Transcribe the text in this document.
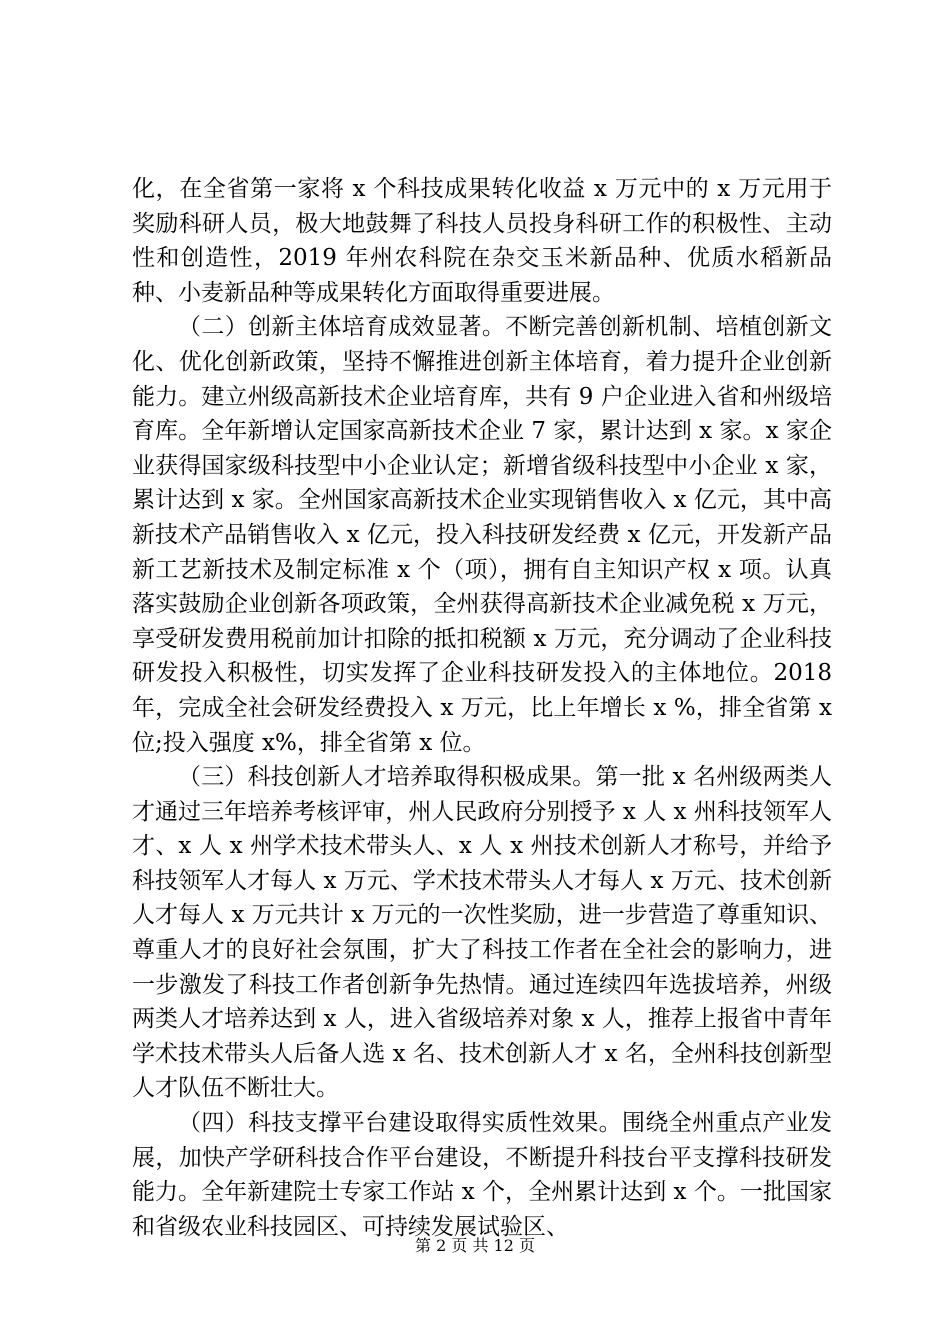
化，在全省第一家将 x 个科技成果转化收益 x 万元中的 x 万元用于奖励科研人员，极大地鼓舞了科技人员投身科研工作的积极性、主动性和创造性，2019 年州农科院在杂交玉米新品种、优质水稻新品种、小麦新品种等成果转化方面取得重要进展。

（二）创新主体培育成效显著。不断完善创新机制、培植创新文化、优化创新政策，坚持不懈推进创新主体培育，着力提升企业创新能力。建立州级高新技术企业培育库，共有 9 户企业进入省和州级培育库。全年新增认定国家高新技术企业 7 家，累计达到 x 家。x 家企业获得国家级科技型中小企业认定；新增省级科技型中小企业 x 家，累计达到 x 家。全州国家高新技术企业实现销售收入 x 亿元，其中高新技术产品销售收入 x 亿元，投入科技研发经费 x 亿元，开发新产品新工艺新技术及制定标准 x 个（项），拥有自主知识产权 x 项。认真落实鼓励企业创新各项政策，全州获得高新技术企业减免税 x 万元，享受研发费用税前加计扣除的抵扣税额 x 万元，充分调动了企业科技研发投入积极性，切实发挥了企业科技研发投入的主体地位。2018 年，完成全社会研发经费投入 x 万元，比上年增长 x %，排全省第 x 位;投入强度 x%，排全省第 x 位。

（三）科技创新人才培养取得积极成果。第一批 x 名州级两类人才通过三年培养考核评审，州人民政府分别授予 x 人 x 州科技领军人才、x 人 x 州学术技术带头人、x 人 x 州技术创新人才称号，并给予科技领军人才每人 x 万元、学术技术带头人才每人 x 万元、技术创新人才每人 x 万元共计 x 万元的一次性奖励，进一步营造了尊重知识、尊重人才的良好社会氛围，扩大了科技工作者在全社会的影响力，进一步激发了科技工作者创新争先热情。通过连续四年选拔培养，州级两类人才培养达到 x 人，进入省级培养对象 x 人，推荐上报省中青年学术技术带头人后备人选 x 名、技术创新人才 x 名，全州科技创新型人才队伍不断壮大。

（四）科技支撑平台建设取得实质性效果。围绕全州重点产业发展，加快产学研科技合作平台建设，不断提升科技台平支撑科技研发能力。全年新建院士专家工作站 x 个，全州累计达到 x 个。一批国家和省级农业科技园区、可持续发展试验区、

第 2 页 共 12 页
